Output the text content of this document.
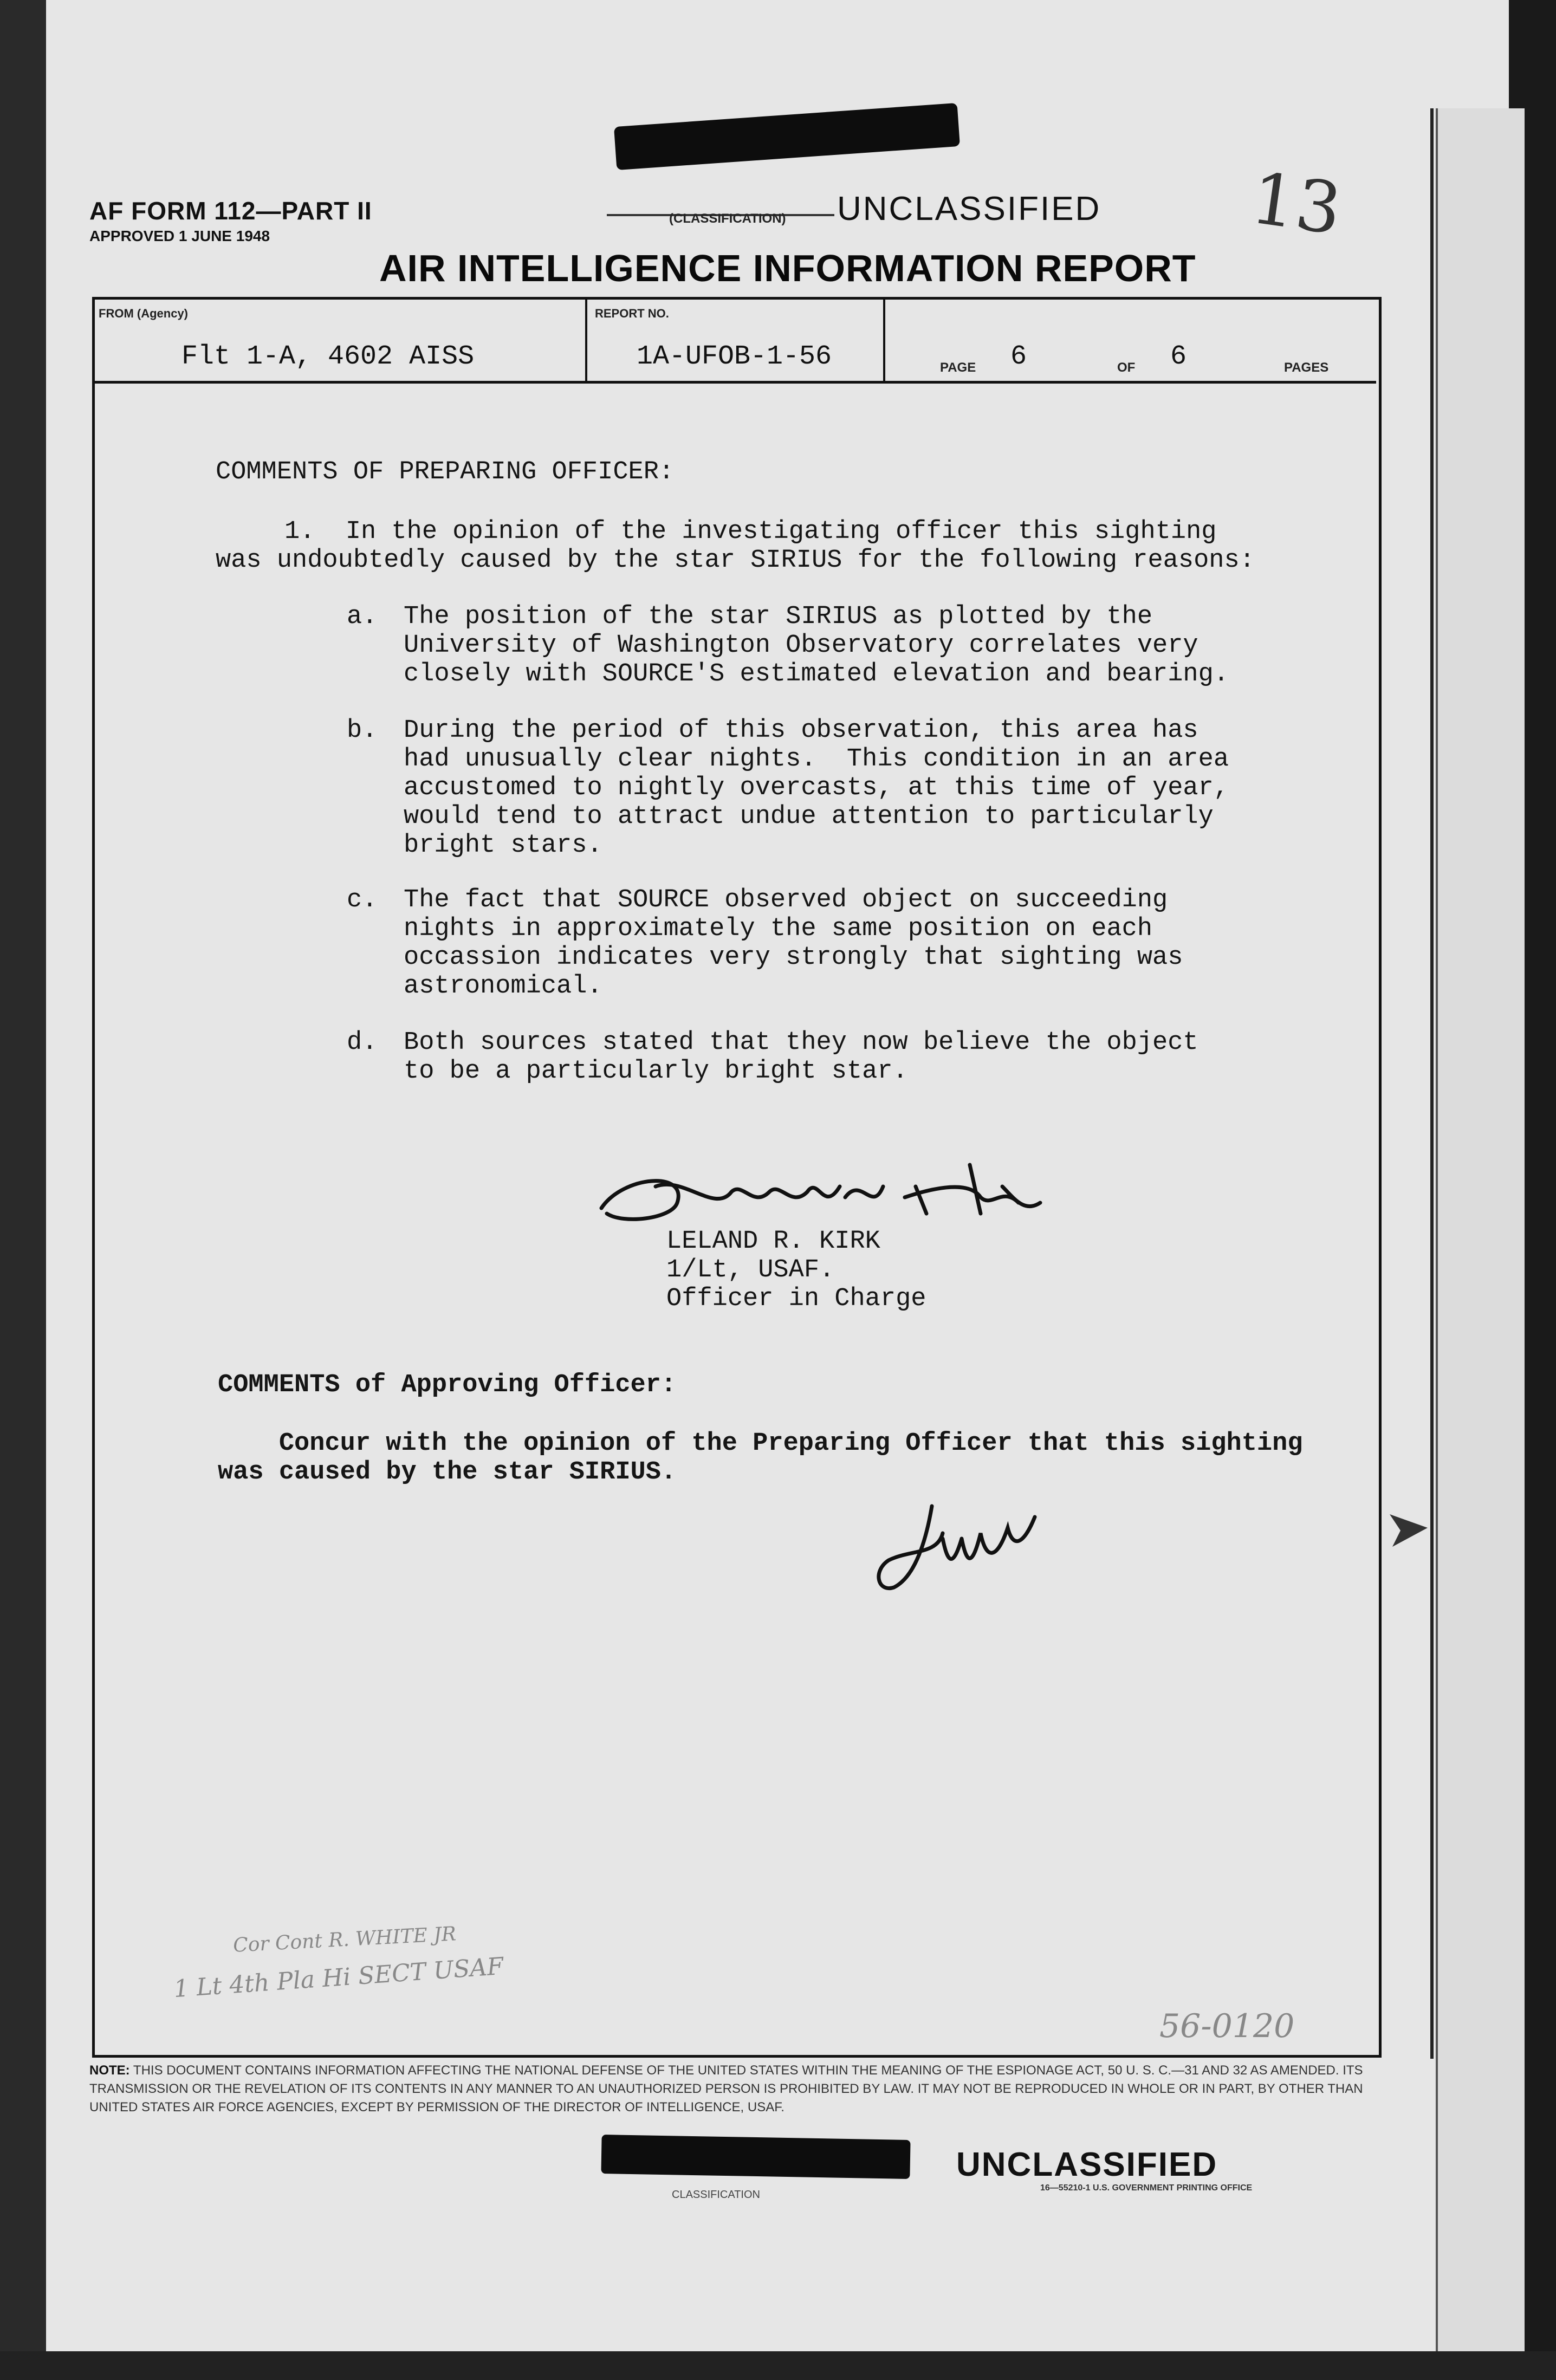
AF FORM 112—PART II
APPROVED 1 JUNE 1948
(CLASSIFICATION) UNCLASSIFIED 13
AIR INTELLIGENCE INFORMATION REPORT
FROM (Agency)
Flt 1-A, 4602 AISS
REPORT NO.
1A-UFOB-1-56	PAGE 6	OF 6	PAGES
COMMENTS OF PREPARING OFFICER:
1.  In the opinion of the investigating officer this sighting
was undoubtedly caused by the star SIRIUS for the following reasons:
a. The position of the star SIRIUS as plotted by the
University of Washington Observatory correlates very
closely with SOURCE'S estimated elevation and bearing.
b. During the period of this observation, this area has
had unusually clear nights.  This condition in an area
accustomed to nightly overcasts, at this time of year,
would tend to attract undue attention to particularly
bright stars.
c. The fact that SOURCE observed object on succeeding
nights in approximately the same position on each
occassion indicates very strongly that sighting was
astronomical.
d. Both sources stated that they now believe the object
to be a particularly bright star.
LELAND R. KIRK
1/Lt, USAF.
Officer in Charge
COMMENTS of Approving Officer:
Concur with the opinion of the Preparing Officer that this sighting
was caused by the star SIRIUS.
Cor Cont R. WHITE JR
1 Lt 4th Pla Hi SECT USAF
56-0120
NOTE: THIS DOCUMENT CONTAINS INFORMATION AFFECTING THE NATIONAL DEFENSE OF THE UNITED STATES WITHIN THE MEANING OF THE ESPIONAGE ACT, 50 U. S. C.—31 AND 32 AS AMENDED. ITS TRANSMISSION OR THE REVELATION OF ITS CONTENTS IN ANY MANNER TO AN UNAUTHORIZED PERSON IS PROHIBITED BY LAW. IT MAY NOT BE REPRODUCED IN WHOLE OR IN PART, BY OTHER THAN UNITED STATES AIR FORCE AGENCIES, EXCEPT BY PERMISSION OF THE DIRECTOR OF INTELLIGENCE, USAF.
CLASSIFICATION
UNCLASSIFIED
16—55210-1 U.S. GOVERNMENT PRINTING OFFICE
